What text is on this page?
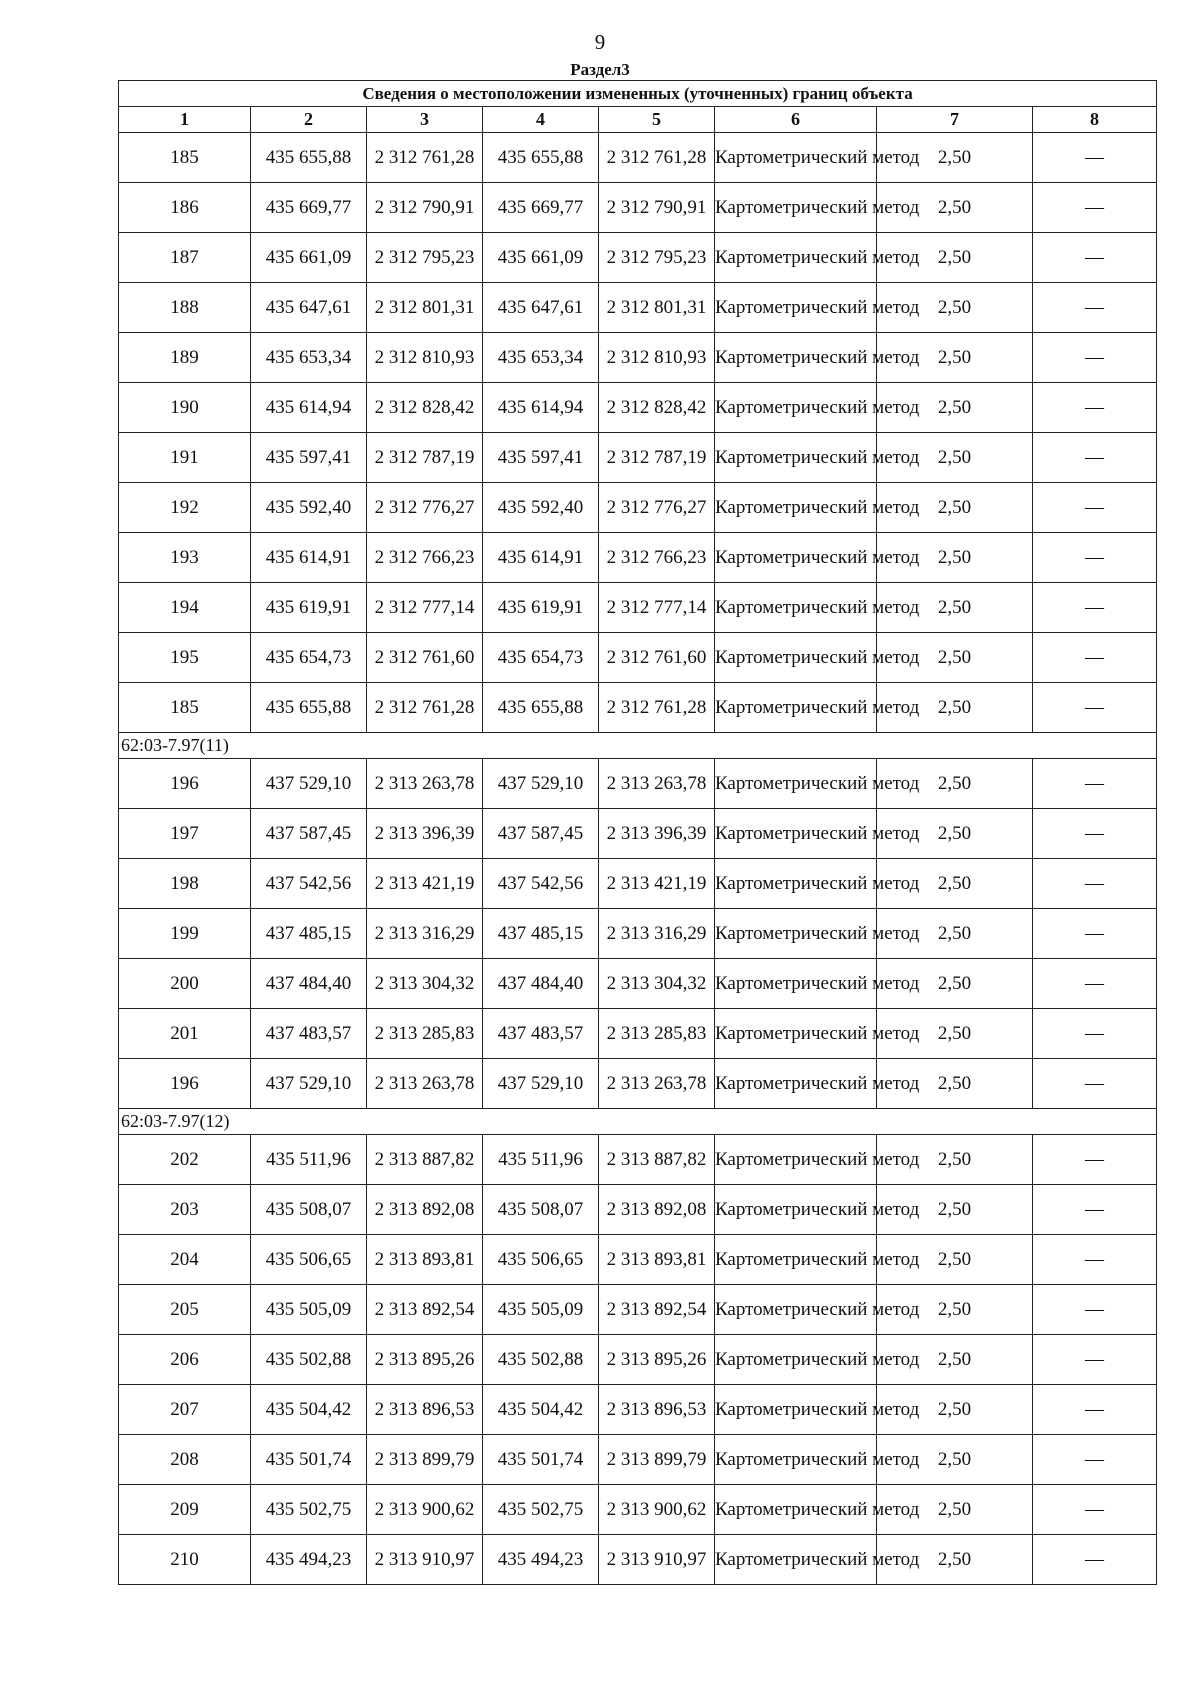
9
Раздел3
Сведения о местоположении измененных (уточненных) границ объекта							
1	2	3	4	5	6	7	8
185	435 655,88	2 312 761,28	435 655,88	2 312 761,28	Картометрический метод	2,50	—
186	435 669,77	2 312 790,91	435 669,77	2 312 790,91	Картометрический метод	2,50	—
187	435 661,09	2 312 795,23	435 661,09	2 312 795,23	Картометрический метод	2,50	—
188	435 647,61	2 312 801,31	435 647,61	2 312 801,31	Картометрический метод	2,50	—
189	435 653,34	2 312 810,93	435 653,34	2 312 810,93	Картометрический метод	2,50	—
190	435 614,94	2 312 828,42	435 614,94	2 312 828,42	Картометрический метод	2,50	—
191	435 597,41	2 312 787,19	435 597,41	2 312 787,19	Картометрический метод	2,50	—
192	435 592,40	2 312 776,27	435 592,40	2 312 776,27	Картометрический метод	2,50	—
193	435 614,91	2 312 766,23	435 614,91	2 312 766,23	Картометрический метод	2,50	—
194	435 619,91	2 312 777,14	435 619,91	2 312 777,14	Картометрический метод	2,50	—
195	435 654,73	2 312 761,60	435 654,73	2 312 761,60	Картометрический метод	2,50	—
185	435 655,88	2 312 761,28	435 655,88	2 312 761,28	Картометрический метод	2,50	—
62:03-7.97(11)							
196	437 529,10	2 313 263,78	437 529,10	2 313 263,78	Картометрический метод	2,50	—
197	437 587,45	2 313 396,39	437 587,45	2 313 396,39	Картометрический метод	2,50	—
198	437 542,56	2 313 421,19	437 542,56	2 313 421,19	Картометрический метод	2,50	—
199	437 485,15	2 313 316,29	437 485,15	2 313 316,29	Картометрический метод	2,50	—
200	437 484,40	2 313 304,32	437 484,40	2 313 304,32	Картометрический метод	2,50	—
201	437 483,57	2 313 285,83	437 483,57	2 313 285,83	Картометрический метод	2,50	—
196	437 529,10	2 313 263,78	437 529,10	2 313 263,78	Картометрический метод	2,50	—
62:03-7.97(12)							
202	435 511,96	2 313 887,82	435 511,96	2 313 887,82	Картометрический метод	2,50	—
203	435 508,07	2 313 892,08	435 508,07	2 313 892,08	Картометрический метод	2,50	—
204	435 506,65	2 313 893,81	435 506,65	2 313 893,81	Картометрический метод	2,50	—
205	435 505,09	2 313 892,54	435 505,09	2 313 892,54	Картометрический метод	2,50	—
206	435 502,88	2 313 895,26	435 502,88	2 313 895,26	Картометрический метод	2,50	—
207	435 504,42	2 313 896,53	435 504,42	2 313 896,53	Картометрический метод	2,50	—
208	435 501,74	2 313 899,79	435 501,74	2 313 899,79	Картометрический метод	2,50	—
209	435 502,75	2 313 900,62	435 502,75	2 313 900,62	Картометрический метод	2,50	—
210	435 494,23	2 313 910,97	435 494,23	2 313 910,97	Картометрический метод	2,50	—
